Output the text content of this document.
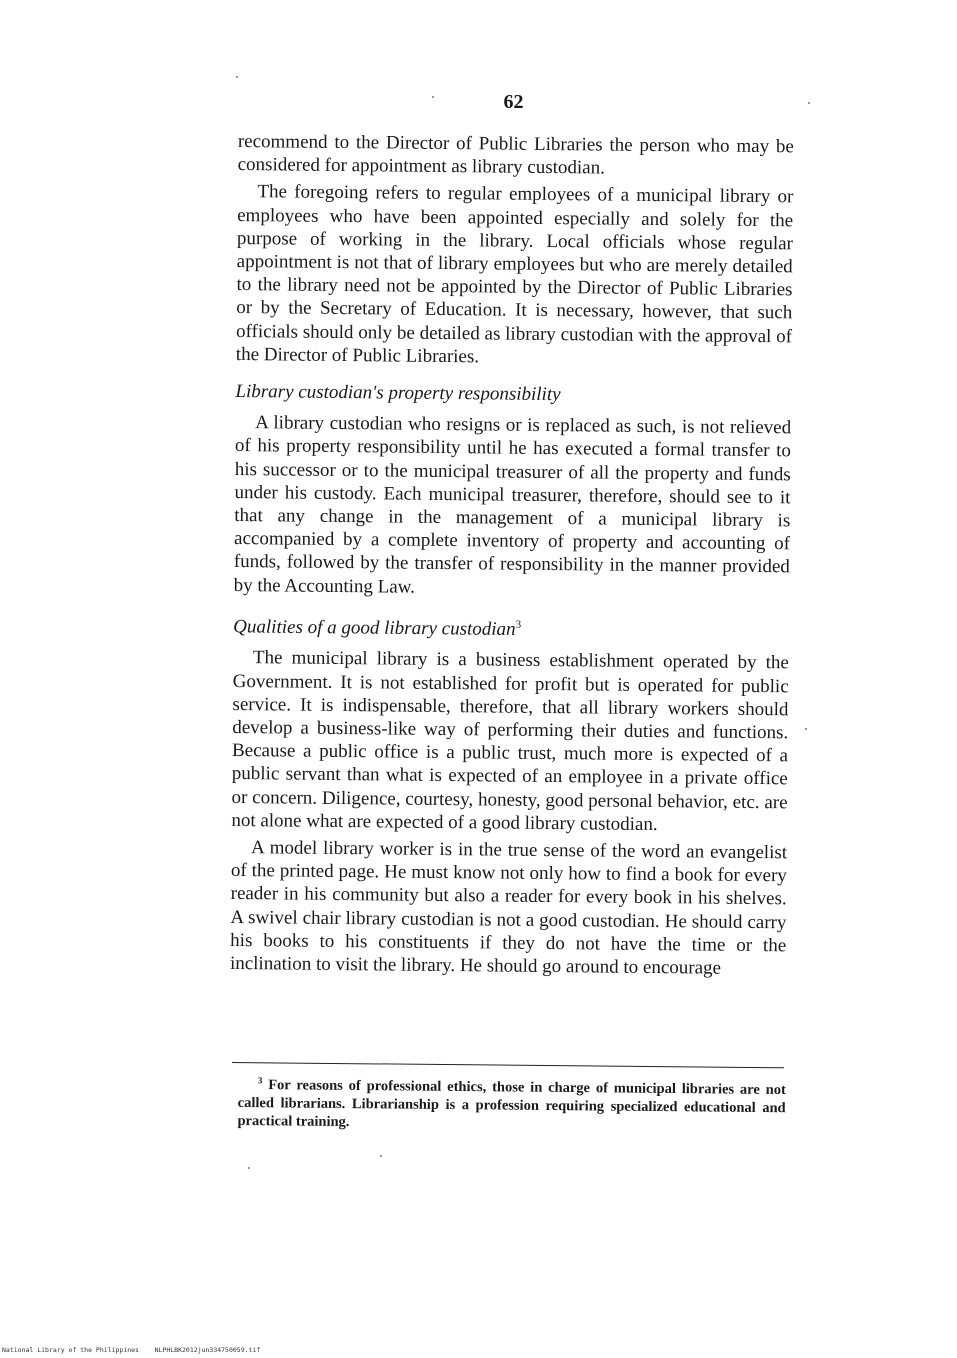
62

recommend to the Director of Public Libraries the person who may be considered for appointment as library custodian.

The foregoing refers to regular employees of a municipal library or employees who have been appointed especially and solely for the purpose of working in the library. Local officials whose regular appointment is not that of library employees but who are merely detailed to the library need not be appointed by the Director of Public Libraries or by the Secretary of Education. It is necessary, however, that such officials should only be detailed as library custodian with the approval of the Director of Public Libraries.

Library custodian's property responsibility

A library custodian who resigns or is replaced as such, is not relieved of his property responsibility until he has executed a formal transfer to his successor or to the municipal treasurer of all the property and funds under his custody. Each municipal treasurer, therefore, should see to it that any change in the management of a municipal library is accompanied by a complete inventory of property and accounting of funds, followed by the transfer of responsibility in the manner provided by the Accounting Law.

Qualities of a good library custodian$^3$

The municipal library is a business establishment operated by the Government. It is not established for profit but is operated for public service. It is indispensable, therefore, that all library workers should develop a business-like way of performing their duties and functions. Because a public office is a public trust, much more is expected of a public servant than what is expected of an employee in a private office or concern. Diligence, courtesy, honesty, good personal behavior, etc. are not alone what are expected of a good library custodian.

A model library worker is in the true sense of the word an evangelist of the printed page. He must know not only how to find a book for every reader in his community but also a reader for every book in his shelves. A swivel chair library custodian is not a good custodian. He should carry his books to his constituents if they do not have the time or the inclination to visit the library. He should go around to encourage

$^3$ For reasons of professional ethics, those in charge of municipal libraries are not called librarians. Librarianship is a profession requiring specialized educational and practical training.

National Library of the Philippines    NLPHLBK2012jun334750059.tif
